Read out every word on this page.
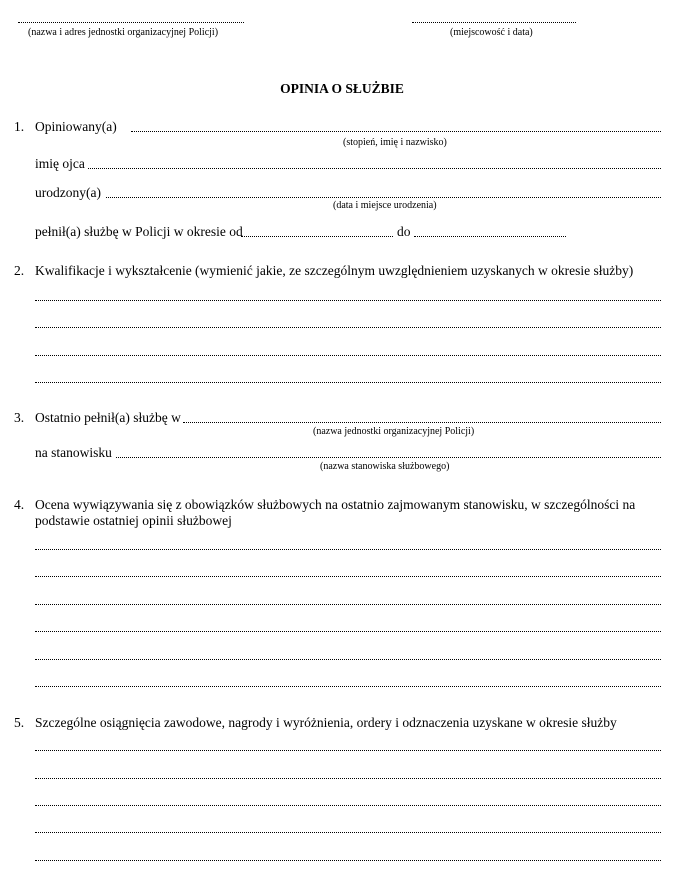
(nazwa i adres jednostki organizacyjnej Policji)	(miejscowość i data)
OPINIA O SŁUŻBIE
1. Opiniowany(a)
(stopień, imię i nazwisko)
imię ojca
urodzony(a)
(data i miejsce urodzenia)
pełnił(a) służbę w Policji w okresie od	do
2. Kwalifikacje i wykształcenie (wymienić jakie, ze szczególnym uwzględnieniem uzyskanych w okresie służby)
3. Ostatnio pełnił(a) służbę w
(nazwa jednostki organizacyjnej Policji)
na stanowisku
(nazwa stanowiska służbowego)
4. Ocena wywiązywania się z obowiązków służbowych na ostatnio zajmowanym stanowisku, w szczególności na podstawie ostatniej opinii służbowej
5. Szczególne osiągnięcia zawodowe, nagrody i wyróżnienia, ordery i odznaczenia uzyskane w okresie służby
